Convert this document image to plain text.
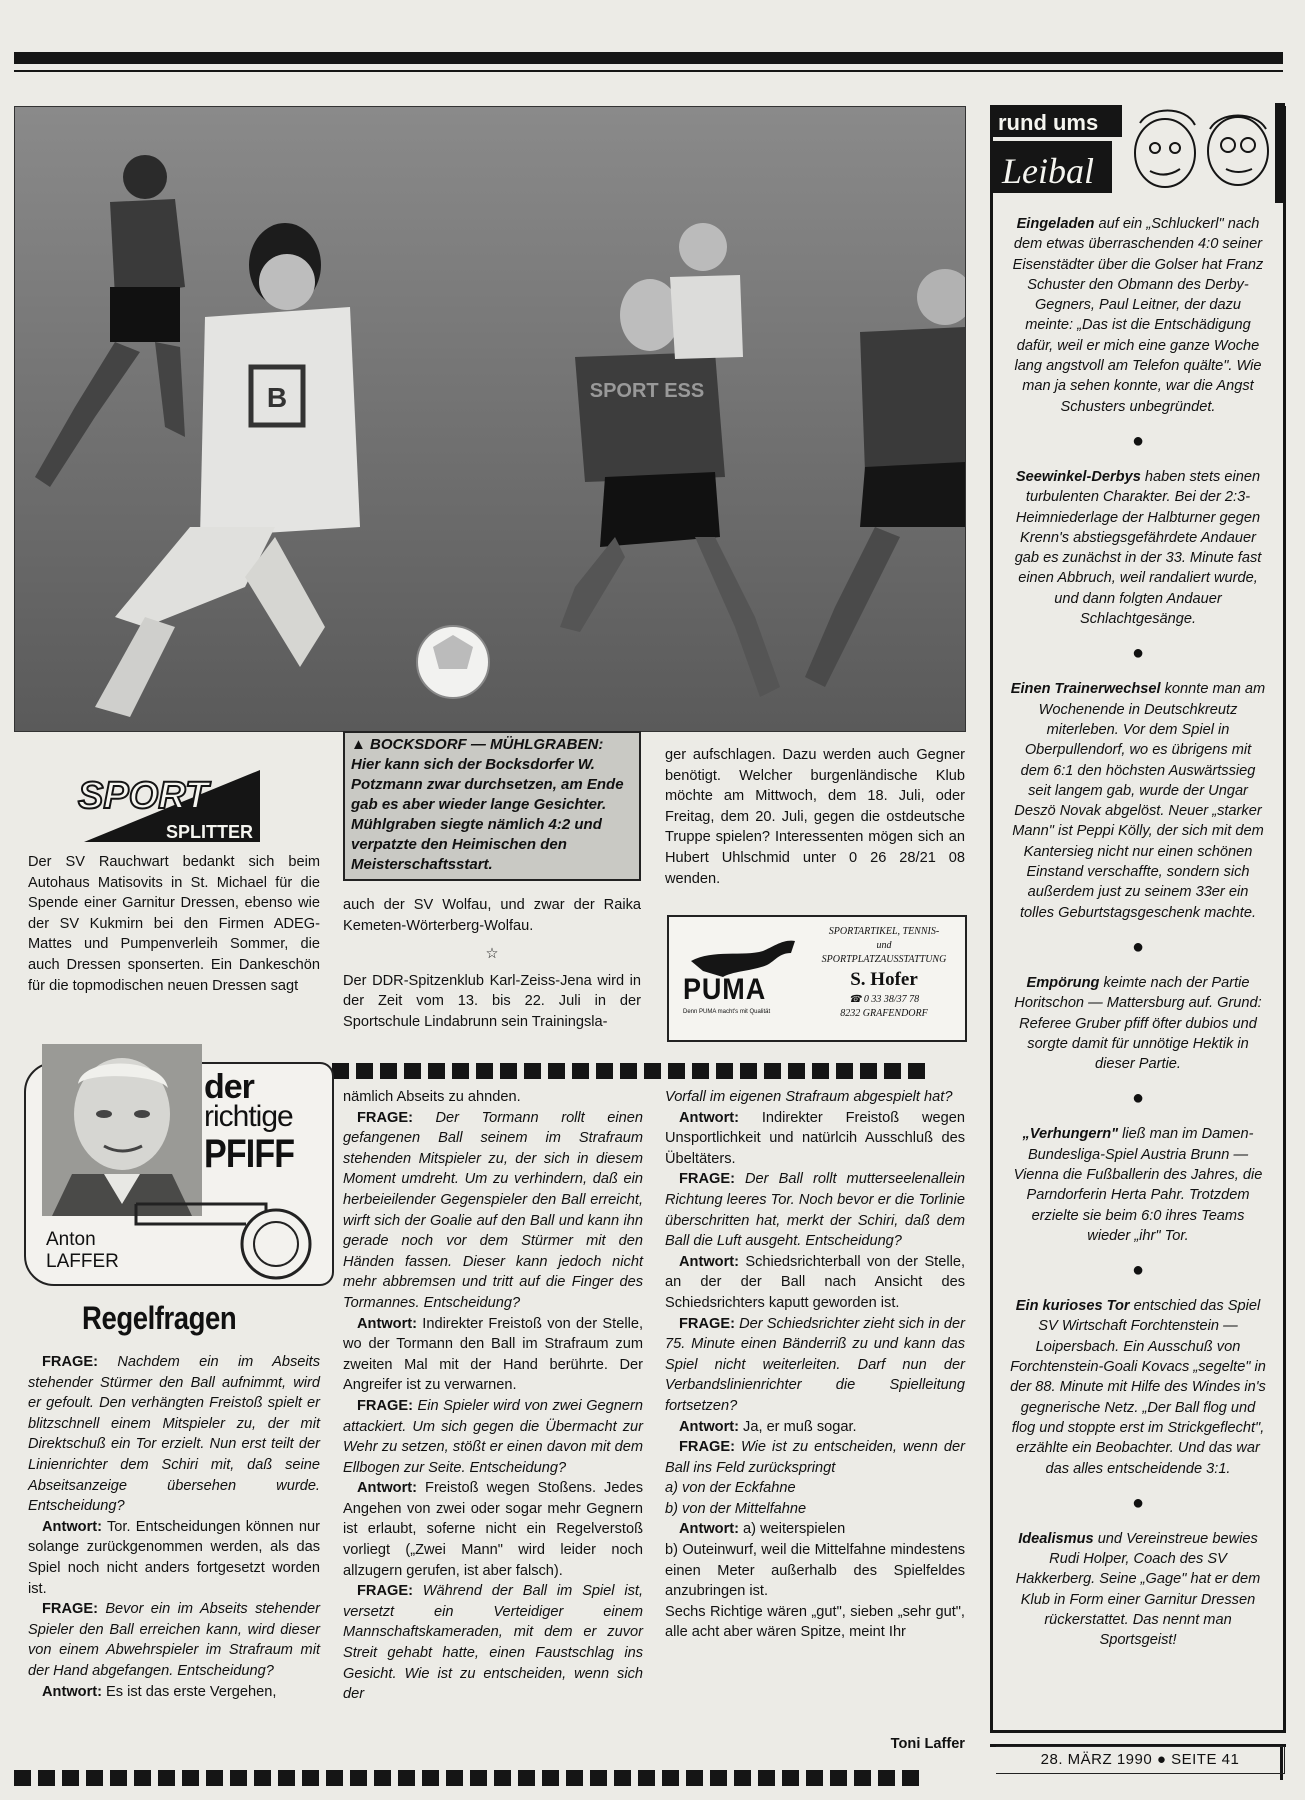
B	SPORT ESS
▲ BOCKSDORF — MÜHLGRABEN: Hier kann sich der Bocksdorfer W. Potzmann zwar durchsetzen, am Ende gab es aber wieder lange Gesichter. Mühlgraben siegte nämlich 4:2 und verpatzte den Heimischen den Meisterschaftsstart.
SPORT
SPLITTER

Der SV Rauchwart bedankt sich beim Autohaus Matisovits in St. Michael für die Spende einer Garnitur Dressen, ebenso wie der SV Kukmirn bei den Firmen ADEG-Mattes und Pumpenverleih Sommer, die auch Dressen sponserten. Ein Dankeschön für die topmodischen neuen Dressen sagt

auch der SV Wolfau, und zwar der Raika Kemeten-Wörterberg-Wolfau.

☆

Der DDR-Spitzenklub Karl-Zeiss-Jena wird in der Zeit vom 13. bis 22. Juli in der Sportschule Lindabrunn sein Trainingsla-

ger aufschlagen. Dazu werden auch Gegner benötigt. Welcher burgenländische Klub möchte am Mittwoch, dem 18. Juli, oder Freitag, dem 20. Juli, gegen die ostdeutsche Truppe spielen? Interessenten mögen sich an Hubert Uhlschmid unter 0 26 28/21 08 wenden.

PUMA
Denn PUMA macht's mit Qualität
SPORTARTIKEL, TENNIS-
und
SPORTPLATZAUSSTATTUNG
S. Hofer
☎ 0 33 38/37 78
8232 GRAFENDORF
der
richtige
PFIFF
Anton
LAFFER
Regelfragen

FRAGE: Nachdem ein im Abseits stehender Stürmer den Ball aufnimmt, wird er gefoult. Den verhängten Freistoß spielt er blitzschnell einem Mitspieler zu, der mit Direktschuß ein Tor erzielt. Nun erst teilt der Linienrichter dem Schiri mit, daß seine Abseitsanzeige übersehen wurde. Entscheidung?

Antwort: Tor. Entscheidungen können nur solange zurückgenommen werden, als das Spiel noch nicht anders fortgesetzt worden ist.

FRAGE: Bevor ein im Abseits stehender Spieler den Ball erreichen kann, wird dieser von einem Abwehrspieler im Strafraum mit der Hand abgefangen. Entscheidung?

Antwort: Es ist das erste Vergehen,

nämlich Abseits zu ahnden.

FRAGE: Der Tormann rollt einen gefangenen Ball seinem im Strafraum stehenden Mitspieler zu, der sich in diesem Moment umdreht. Um zu verhindern, daß ein herbeieilender Gegenspieler den Ball erreicht, wirft sich der Goalie auf den Ball und kann ihn gerade noch vor dem Stürmer mit den Händen fassen. Dieser kann jedoch nicht mehr abbremsen und tritt auf die Finger des Tormannes. Entscheidung?

Antwort: Indirekter Freistoß von der Stelle, wo der Tormann den Ball im Strafraum zum zweiten Mal mit der Hand berührte. Der Angreifer ist zu verwarnen.

FRAGE: Ein Spieler wird von zwei Gegnern attackiert. Um sich gegen die Übermacht zur Wehr zu setzen, stößt er einen davon mit dem Ellbogen zur Seite. Entscheidung?

Antwort: Freistoß wegen Stoßens. Jedes Angehen von zwei oder sogar mehr Gegnern ist erlaubt, soferne nicht ein Regelverstoß vorliegt („Zwei Mann" wird leider noch allzugern gerufen, ist aber falsch).

FRAGE: Während der Ball im Spiel ist, versetzt ein Verteidiger einem Mannschaftskameraden, mit dem er zuvor Streit gehabt hatte, einen Faustschlag ins Gesicht. Wie ist zu entscheiden, wenn sich der

Vorfall im eigenen Strafraum abgespielt hat?

Antwort: Indirekter Freistoß wegen Unsportlichkeit und natürlcih Ausschluß des Übeltäters.

FRAGE: Der Ball rollt mutterseelenallein Richtung leeres Tor. Noch bevor er die Torlinie überschritten hat, merkt der Schiri, daß dem Ball die Luft ausgeht. Entscheidung?

Antwort: Schiedsrichterball von der Stelle, an der der Ball nach Ansicht des Schiedsrichters kaputt geworden ist.

FRAGE: Der Schiedsrichter zieht sich in der 75. Minute einen Bänderriß zu und kann das Spiel nicht weiterleiten. Darf nun der Verbandslinienrichter die Spielleitung fortsetzen?

Antwort: Ja, er muß sogar.

FRAGE: Wie ist zu entscheiden, wenn der Ball ins Feld zurückspringt

a) von der Eckfahne

b) von der Mittelfahne

Antwort: a) weiterspielen

b) Outeinwurf, weil die Mittelfahne mindestens einen Meter außerhalb des Spielfeldes anzubringen ist.

Sechs Richtige wären „gut", sieben „sehr gut", alle acht aber wären Spitze, meint Ihr

Toni Laffer
rund ums
Leibal

Eingeladen auf ein „Schluckerl" nach dem etwas überraschenden 4:0 seiner Eisenstädter über die Golser hat Franz Schuster den Obmann des Derby-Gegners, Paul Leitner, der dazu meinte: „Das ist die Entschädigung dafür, weil er mich eine ganze Woche lang angstvoll am Telefon quälte". Wie man ja sehen konnte, war die Angst Schusters unbegründet.

●

Seewinkel-Derbys haben stets einen turbulenten Charakter. Bei der 2:3-Heimniederlage der Halbturner gegen Krenn's abstiegsgefährdete Andauer gab es zunächst in der 33. Minute fast einen Abbruch, weil randaliert wurde, und dann folgten Andauer Schlachtgesänge.

●

Einen Trainerwechsel konnte man am Wochenende in Deutschkreutz miterleben. Vor dem Spiel in Oberpullendorf, wo es übrigens mit dem 6:1 den höchsten Auswärtssieg seit langem gab, wurde der Ungar Deszö Novak abgelöst. Neuer „starker Mann" ist Peppi Kölly, der sich mit dem Kantersieg nicht nur einen schönen Einstand verschaffte, sondern sich außerdem just zu seinem 33er ein tolles Geburtstagsgeschenk machte.

●

Empörung keimte nach der Partie Horitschon — Mattersburg auf. Grund: Referee Gruber pfiff öfter dubios und sorgte damit für unnötige Hektik in dieser Partie.

●

„Verhungern" ließ man im Damen-Bundesliga-Spiel Austria Brunn — Vienna die Fußballerin des Jahres, die Parndorferin Herta Pahr. Trotzdem erzielte sie beim 6:0 ihres Teams wieder „ihr" Tor.

●

Ein kurioses Tor entschied das Spiel SV Wirtschaft Forchtenstein — Loipersbach. Ein Ausschuß von Forchtenstein-Goali Kovacs „segelte" in der 88. Minute mit Hilfe des Windes in's gegnerische Netz. „Der Ball flog und flog und stoppte erst im Strickgeflecht", erzählte ein Beobachter. Und das war das alles entscheidende 3:1.

●

Idealismus und Vereinstreue bewies Rudi Holper, Coach des SV Hakkerberg. Seine „Gage" hat er dem Klub in Form einer Garnitur Dressen rückerstattet. Das nennt man Sportsgeist!

28. MÄRZ 1990 ● SEITE 41
